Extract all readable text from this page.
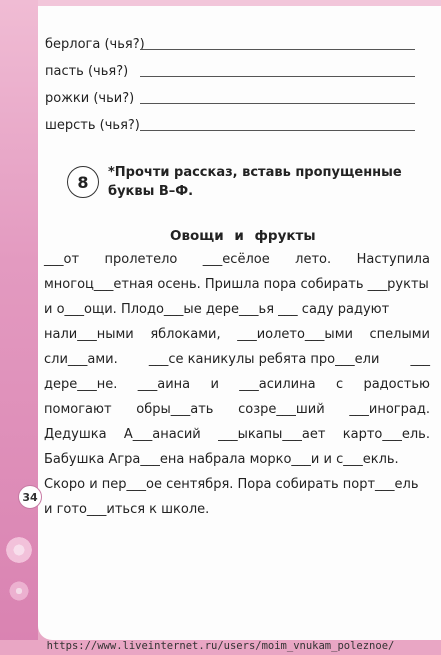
берлога (чья?)
пасть (чья?)
рожки (чьи?)
шерсть (чья?)
8	*Прочти рассказ, вставь пропущенные
буквы В–Ф.
Овощи и фрукты
___от пролетело ___есёлое лето. Наступила
многоц___етная осень. Пришла пора собирать ___рукты
и о___ощи. Плодо___ые дере___ья ___ саду радуют
нали___ными яблоками, ___иолето___ыми спелыми
сли___ами. ___се каникулы ребята про___ели ___
дере___не. ___аина и ___асилина с радостью
помогают обры___ать созре___ший ___иноград.
Дедушка А___анасий ___ыкапы___ает карто___ель.
Бабушка Агра___ена набрала морко___и и с___екль.
Скоро и пер___ое сентября. Пора собирать порт___ель
и гото___иться к школе.
34
https://www.liveinternet.ru/users/moim_vnukam_poleznoe/
